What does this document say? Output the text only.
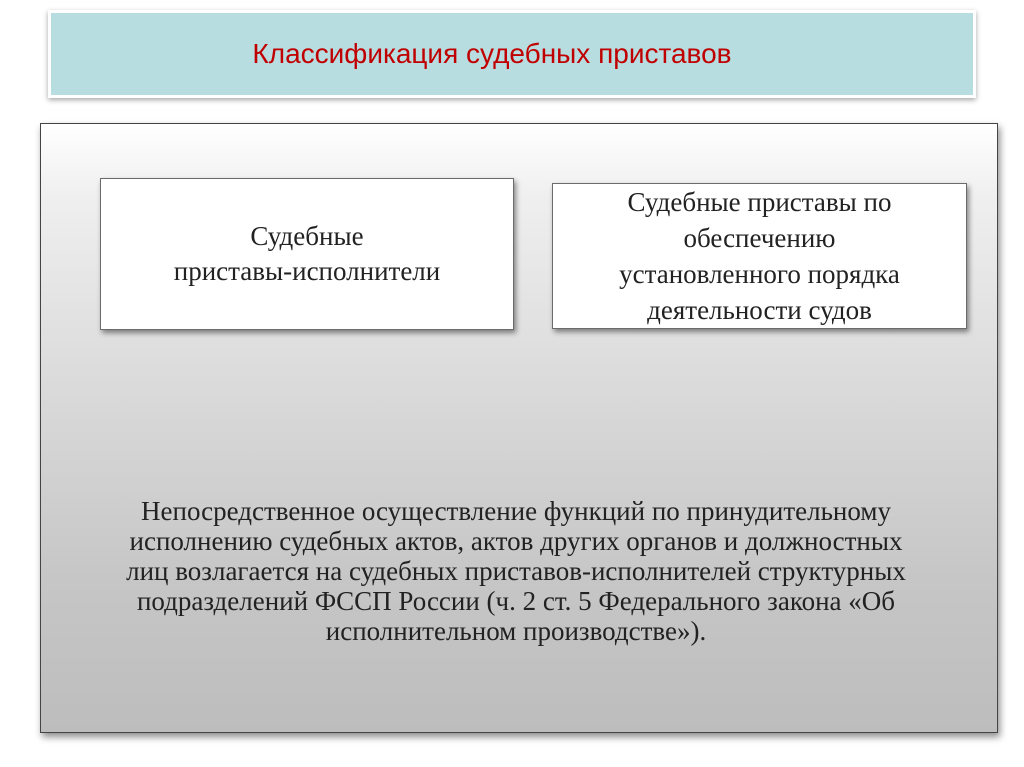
Классификация судебных приставов
Судебные
приставы-исполнители
Судебные приставы по
обеспечению
установленного порядка
деятельности судов
Непосредственное осуществление функций по принудительному
исполнению судебных актов, актов других органов и должностных
лиц возлагается на судебных приставов-исполнителей структурных
подразделений ФССП России (ч. 2 ст. 5 Федерального закона «Об
исполнительном производстве»).
